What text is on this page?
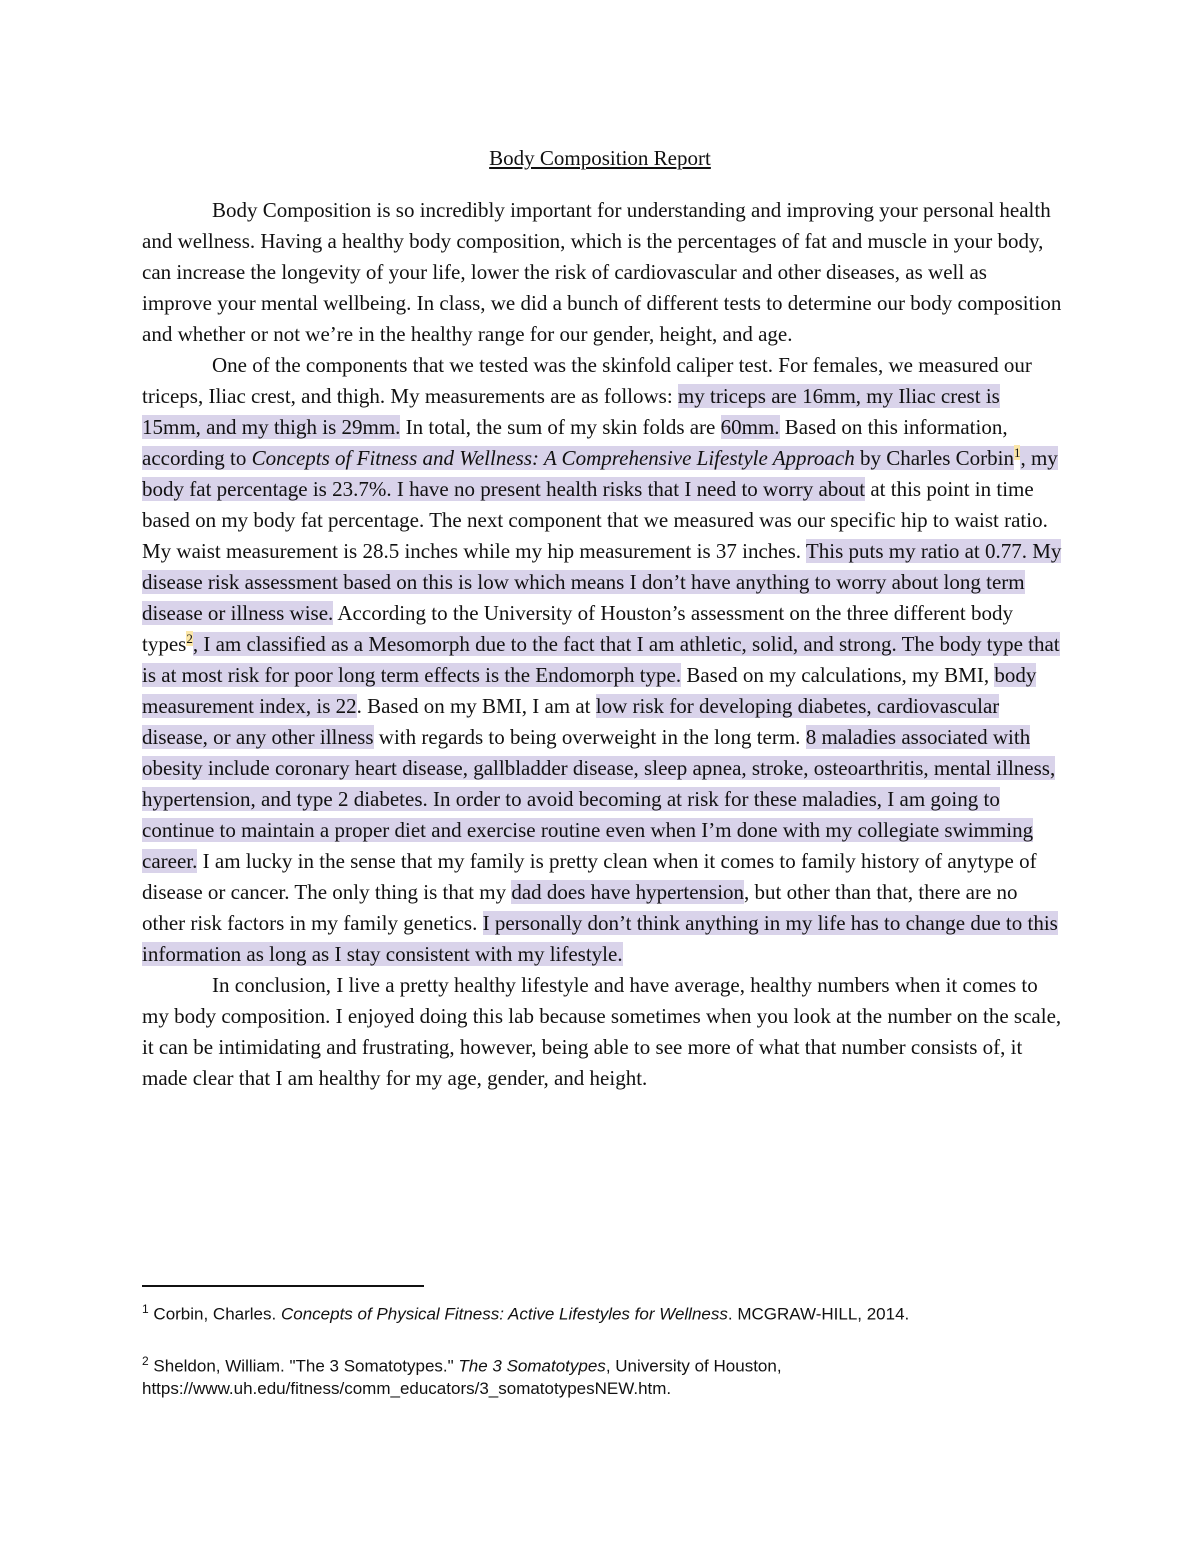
Body Composition Report

Body Composition is so incredibly important for understanding and improving your personal health and wellness. Having a healthy body composition, which is the percentages of fat and muscle in your body, can increase the longevity of your life, lower the risk of cardiovascular and other diseases, as well as improve your mental wellbeing. In class, we did a bunch of different tests to determine our body composition and whether or not we’re in the healthy range for our gender, height, and age.

One of the components that we tested was the skinfold caliper test. For females, we measured our triceps, Iliac crest, and thigh. My measurements are as follows: my triceps are 16mm, my Iliac crest is 15mm, and my thigh is 29mm. In total, the sum of my skin folds are 60mm. Based on this information, according to Concepts of Fitness and Wellness: A Comprehensive Lifestyle Approach by Charles Corbin$^1$, my body fat percentage is 23.7%. I have no present health risks that I need to worry about at this point in time based on my body fat percentage. The next component that we measured was our specific hip to waist ratio. My waist measurement is 28.5 inches while my hip measurement is 37 inches. This puts my ratio at 0.77. My disease risk assessment based on this is low which means I don’t have anything to worry about long term disease or illness wise. According to the University of Houston’s assessment on the three different body types$^2$, I am classified as a Mesomorph due to the fact that I am athletic, solid, and strong. The body type that is at most risk for poor long term effects is the Endomorph type. Based on my calculations, my BMI, body measurement index, is 22. Based on my BMI, I am at low risk for developing diabetes, cardiovascular disease, or any other illness with regards to being overweight in the long term. 8 maladies associated with obesity include coronary heart disease, gallbladder disease, sleep apnea, stroke, osteoarthritis, mental illness, hypertension, and type 2 diabetes. In order to avoid becoming at risk for these maladies, I am going to continue to maintain a proper diet and exercise routine even when I’m done with my collegiate swimming career. I am lucky in the sense that my family is pretty clean when it comes to family history of anytype of disease or cancer. The only thing is that my dad does have hypertension, but other than that, there are no other risk factors in my family genetics. I personally don’t think anything in my life has to change due to this information as long as I stay consistent with my lifestyle.

In conclusion, I live a pretty healthy lifestyle and have average, healthy numbers when it comes to my body composition. I enjoyed doing this lab because sometimes when you look at the number on the scale, it can be intimidating and frustrating, however, being able to see more of what that number consists of, it made clear that I am healthy for my age, gender, and height.

$^1$ Corbin, Charles. Concepts of Physical Fitness: Active Lifestyles for Wellness. MCGRAW-HILL, 2014.

$^2$ Sheldon, William. "The 3 Somatotypes." The 3 Somatotypes, University of Houston, https://www.uh.edu/fitness/comm_educators/3_somatotypesNEW.htm.
